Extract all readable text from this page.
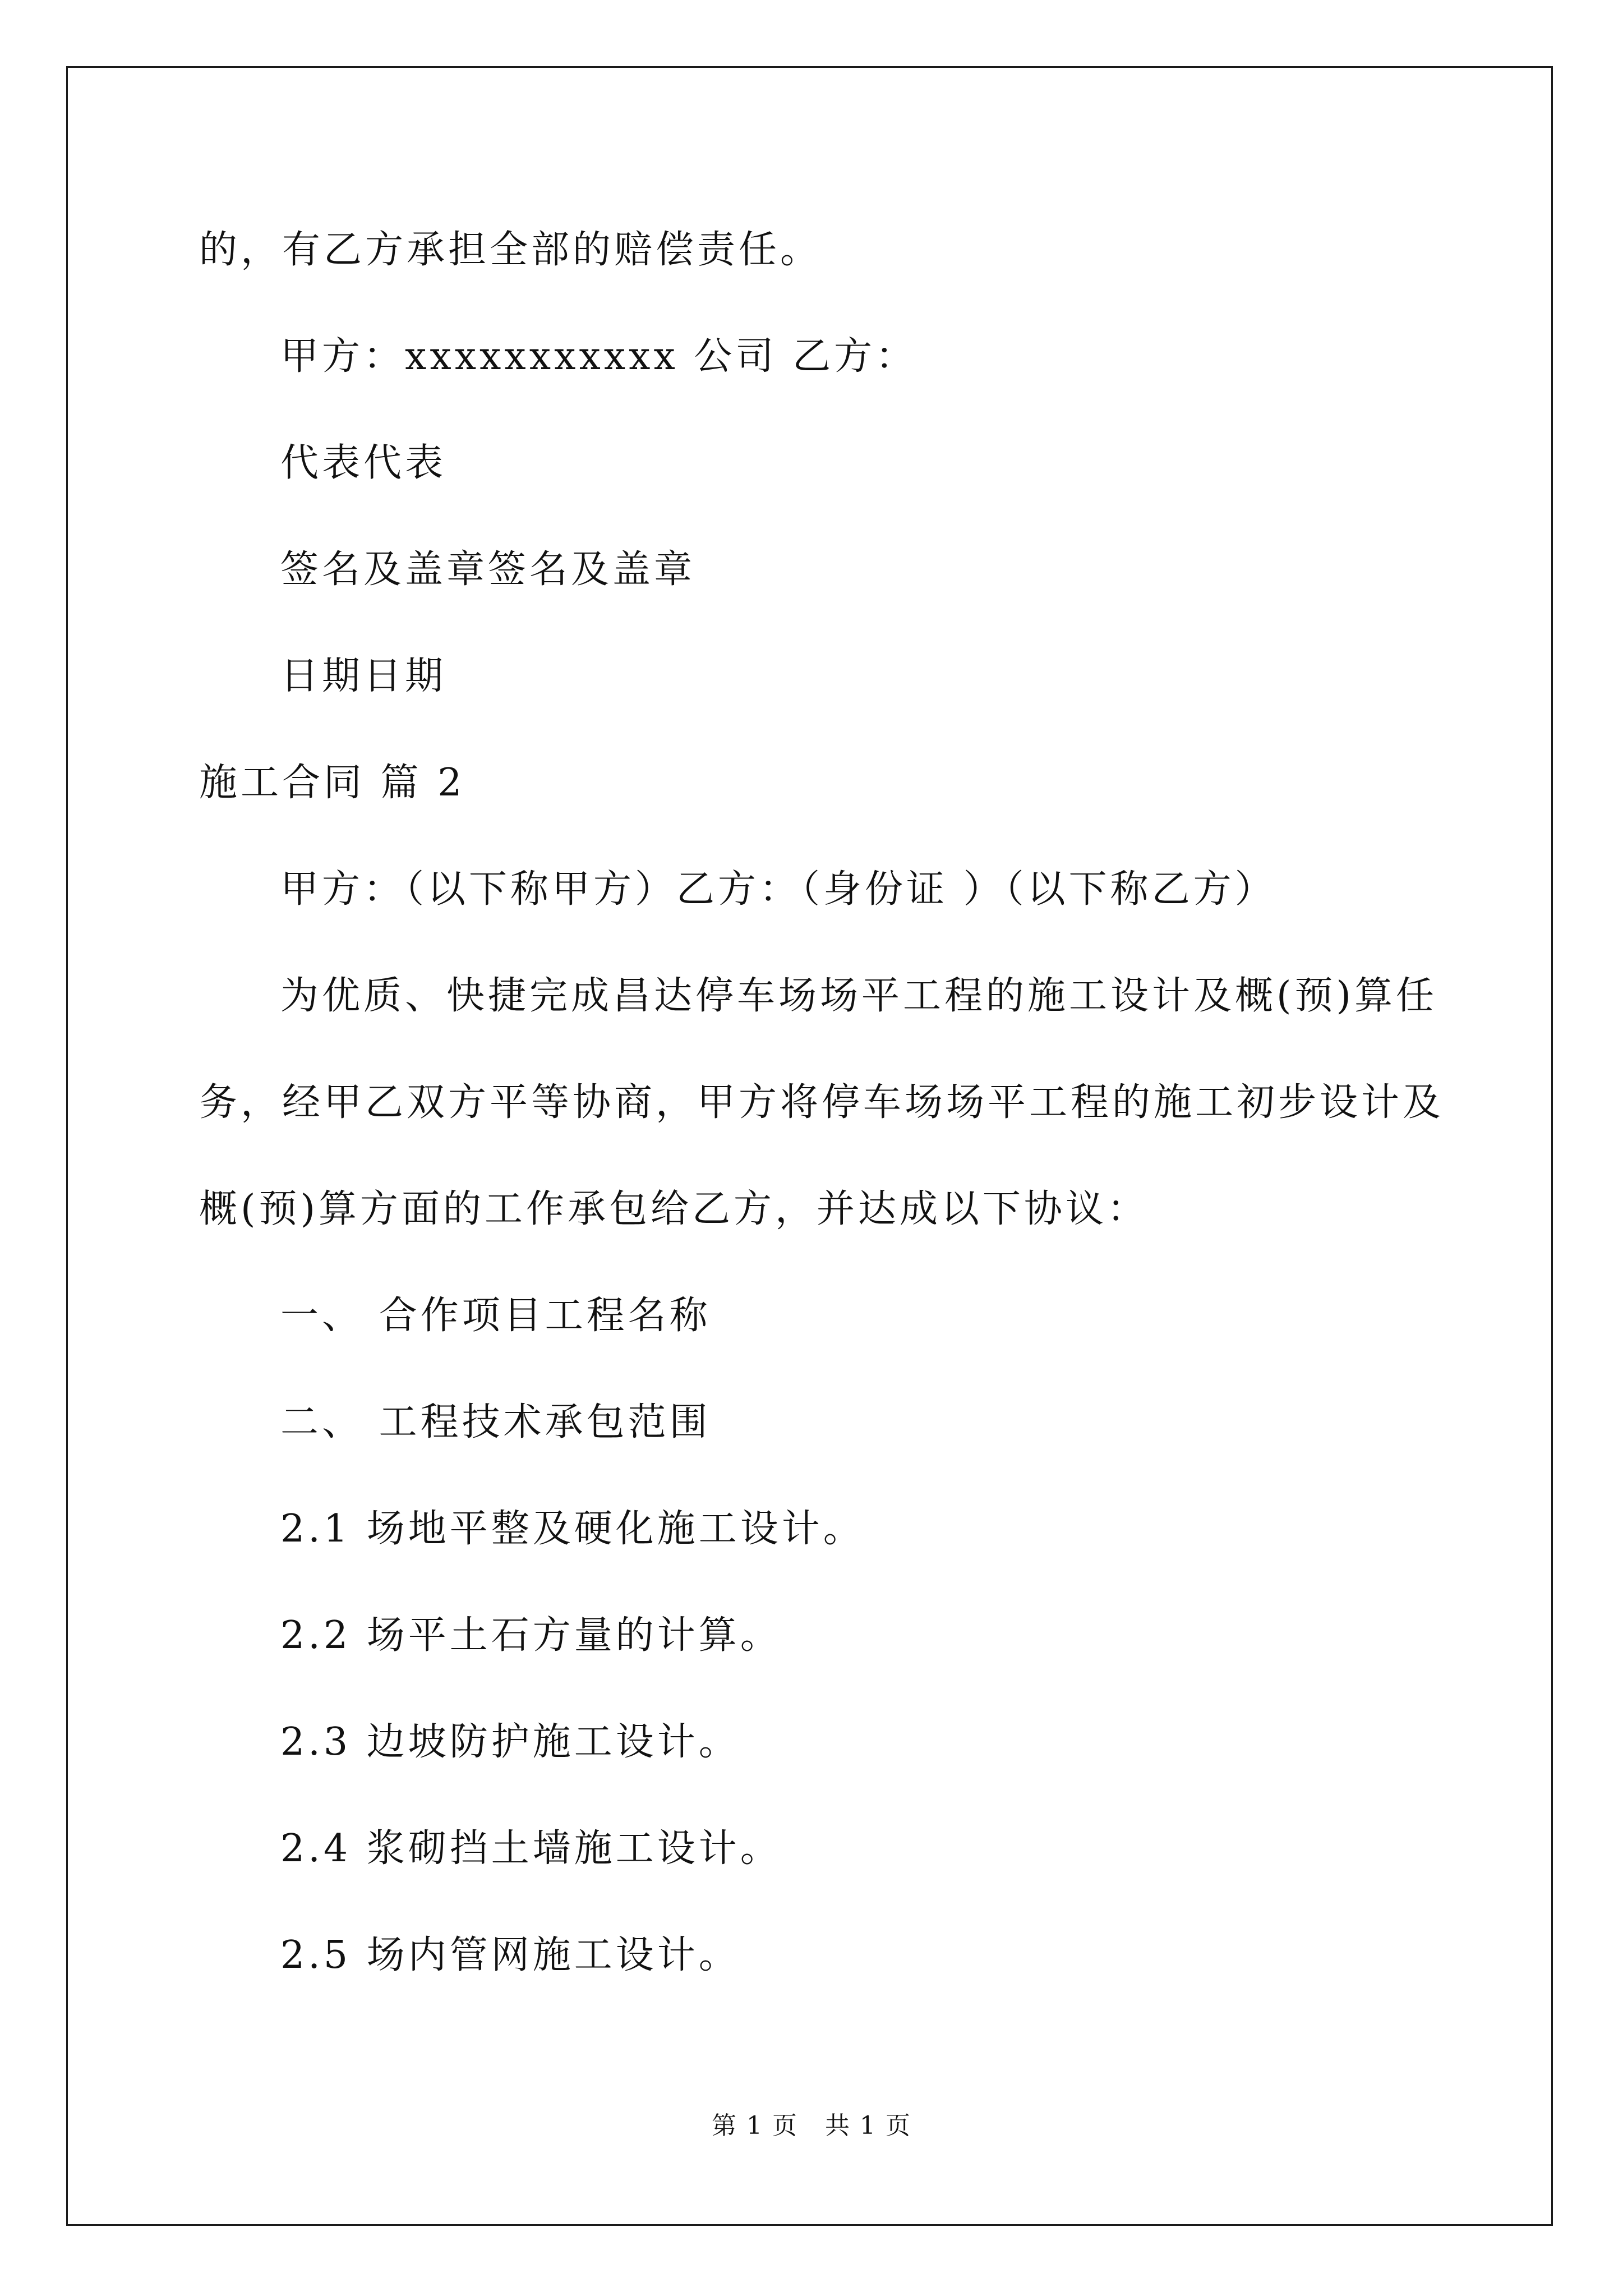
的，有乙方承担全部的赔偿责任。
甲方：xxxxxxxxxxx 公司 乙方：
代表代表
签名及盖章签名及盖章
日期日期
施工合同 篇 2
甲方：（以下称甲方）乙方：（身份证 ）（以下称乙方）
为优质、快捷完成昌达停车场场平工程的施工设计及概(预)算任
务，经甲乙双方平等协商，甲方将停车场场平工程的施工初步设计及
概(预)算方面的工作承包给乙方，并达成以下协议：
一、 合作项目工程名称
二、 工程技术承包范围
2.1 场地平整及硬化施工设计。
2.2 场平土石方量的计算。
2.3 边坡防护施工设计。
2.4 浆砌挡土墙施工设计。
2.5 场内管网施工设计。
第 1 页   共 1 页
